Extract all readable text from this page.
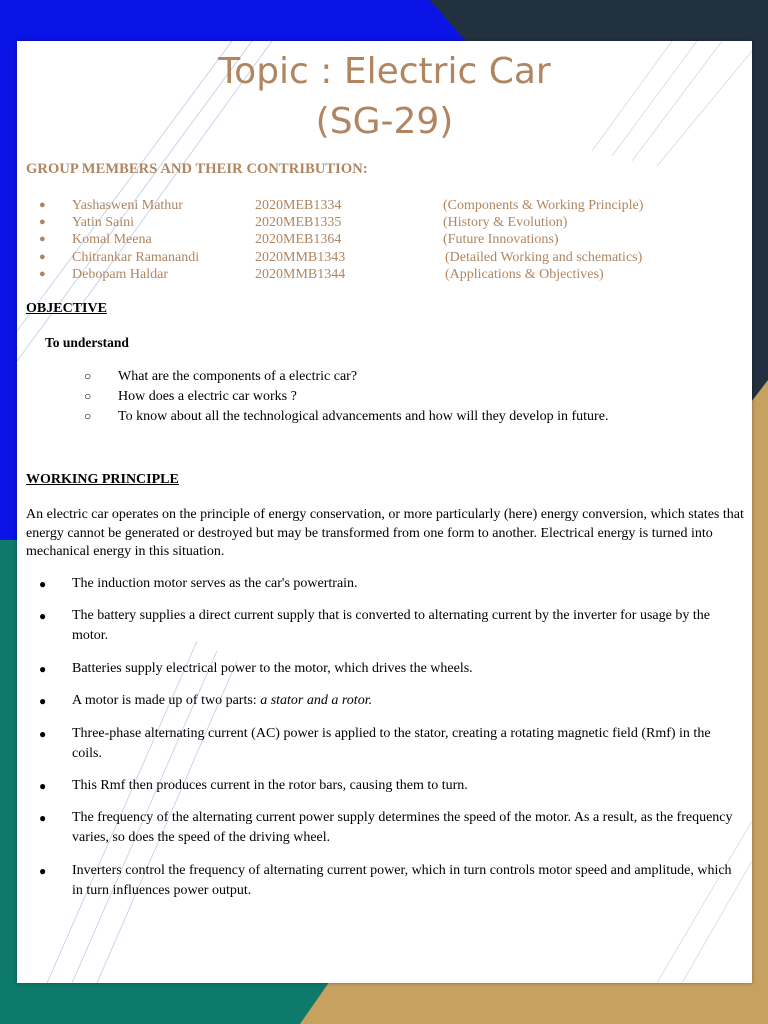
Topic : Electric Car
(SG-29)
GROUP MEMBERS AND THEIR CONTRIBUTION:
● Yashasweni Mathur	2020MEB1334	(Components & Working Principle)
● Yatin Saini	2020MEB1335	(History & Evolution)
● Komal Meena	2020MEB1364	(Future Innovations)
● Chitrankar Ramanandi	2020MMB1343	(Detailed Working and schematics)
● Debopam Haldar	2020MMB1344	(Applications & Objectives)
OBJECTIVE
To understand
○ What are the components of a electric car?
○ How does a electric car works ?
○ To know about all the technological advancements and how will they develop in future.
WORKING PRINCIPLE

An electric car operates on the principle of energy conservation, or more particularly (here) energy conversion, which states that energy cannot be generated or destroyed but may be transformed from one form to another. Electrical energy is turned into mechanical energy in this situation.

● The induction motor serves as the car's powertrain.
● The battery supplies a direct current supply that is converted to alternating current by the inverter for usage by the motor.
● Batteries supply electrical power to the motor, which drives the wheels.
● A motor is made up of two parts: a stator and a rotor.
● Three-phase alternating current (AC) power is applied to the stator, creating a rotating magnetic field (Rmf) in the coils.
● This Rmf then produces current in the rotor bars, causing them to turn.
● The frequency of the alternating current power supply determines the speed of the motor. As a result, as the frequency varies, so does the speed of the driving wheel.
● Inverters control the frequency of alternating current power, which in turn controls motor speed and amplitude, which in turn influences power output.
